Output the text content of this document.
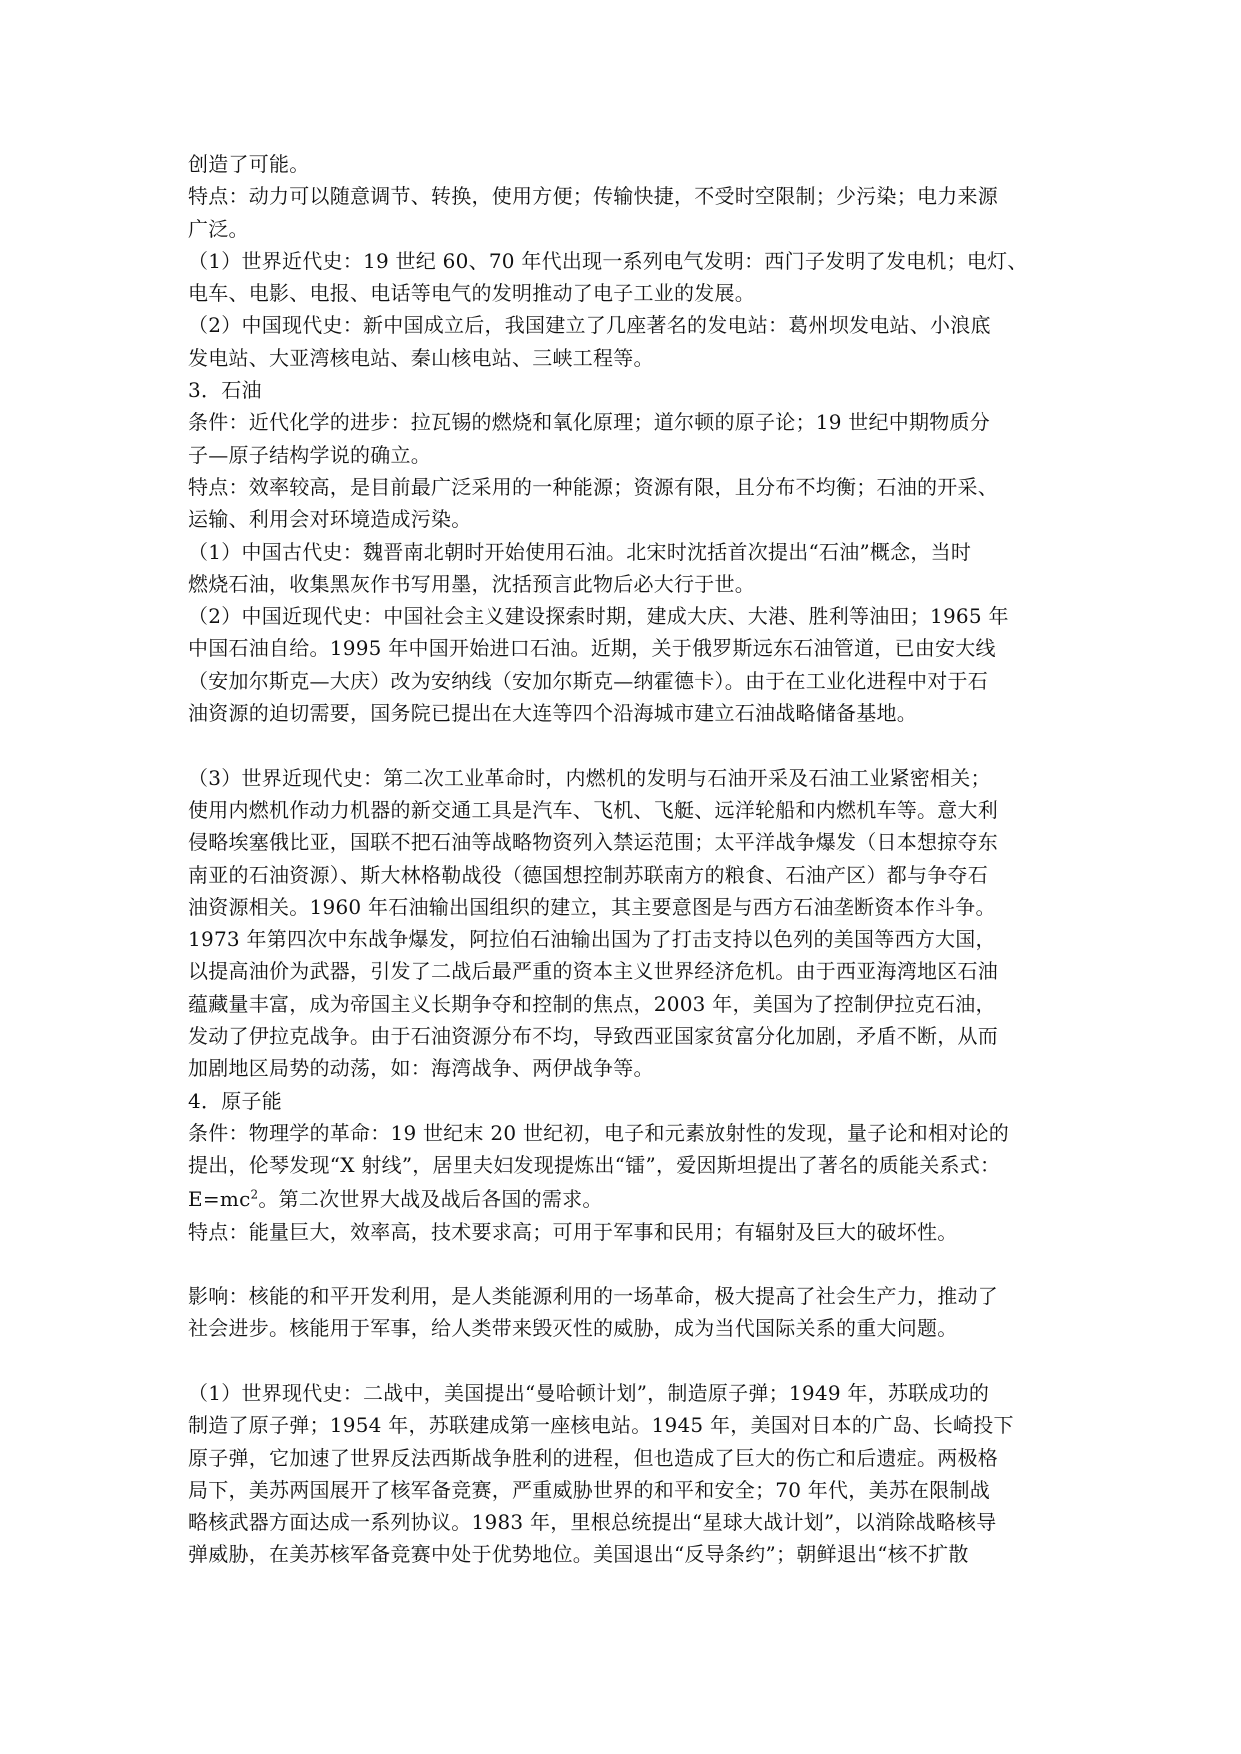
创造了可能。
特点：动力可以随意调节、转换，使用方便；传输快捷，不受时空限制；少污染；电力来源
广泛。
（1）世界近代史：19 世纪 60、70 年代出现一系列电气发明：西门子发明了发电机；电灯、
电车、电影、电报、电话等电气的发明推动了电子工业的发展。
（2）中国现代史：新中国成立后，我国建立了几座著名的发电站：葛州坝发电站、小浪底
发电站、大亚湾核电站、秦山核电站、三峡工程等。
3．石油
条件：近代化学的进步：拉瓦锡的燃烧和氧化原理；道尔顿的原子论；19 世纪中期物质分
子—原子结构学说的确立。
特点：效率较高，是目前最广泛采用的一种能源；资源有限，且分布不均衡；石油的开采、
运输、利用会对环境造成污染。
（1）中国古代史：魏晋南北朝时开始使用石油。北宋时沈括首次提出“石油”概念，当时
燃烧石油，收集黑灰作书写用墨，沈括预言此物后必大行于世。
（2）中国近现代史：中国社会主义建设探索时期，建成大庆、大港、胜利等油田；1965 年
中国石油自给。1995 年中国开始进口石油。近期，关于俄罗斯远东石油管道，已由安大线
（安加尔斯克—大庆）改为安纳线（安加尔斯克—纳霍德卡）。由于在工业化进程中对于石
油资源的迫切需要，国务院已提出在大连等四个沿海城市建立石油战略储备基地。
（3）世界近现代史：第二次工业革命时，内燃机的发明与石油开采及石油工业紧密相关；
使用内燃机作动力机器的新交通工具是汽车、飞机、飞艇、远洋轮船和内燃机车等。意大利
侵略埃塞俄比亚，国联不把石油等战略物资列入禁运范围；太平洋战争爆发（日本想掠夺东
南亚的石油资源）、斯大林格勒战役（德国想控制苏联南方的粮食、石油产区）都与争夺石
油资源相关。1960 年石油输出国组织的建立，其主要意图是与西方石油垄断资本作斗争。
1973 年第四次中东战争爆发，阿拉伯石油输出国为了打击支持以色列的美国等西方大国，
以提高油价为武器，引发了二战后最严重的资本主义世界经济危机。由于西亚海湾地区石油
蕴藏量丰富，成为帝国主义长期争夺和控制的焦点，2003 年，美国为了控制伊拉克石油，
发动了伊拉克战争。由于石油资源分布不均，导致西亚国家贫富分化加剧，矛盾不断，从而
加剧地区局势的动荡，如：海湾战争、两伊战争等。
4．原子能
条件：物理学的革命：19 世纪末 20 世纪初，电子和元素放射性的发现，量子论和相对论的
提出，伦琴发现“X 射线”，居里夫妇发现提炼出“镭”，爱因斯坦提出了著名的质能关系式：
$E=mc^2$。第二次世界大战及战后各国的需求。
特点：能量巨大，效率高，技术要求高；可用于军事和民用；有辐射及巨大的破坏性。
影响：核能的和平开发利用，是人类能源利用的一场革命，极大提高了社会生产力，推动了
社会进步。核能用于军事，给人类带来毁灭性的威胁，成为当代国际关系的重大问题。
（1）世界现代史：二战中，美国提出“曼哈顿计划”，制造原子弹；1949 年，苏联成功的
制造了原子弹；1954 年，苏联建成第一座核电站。1945 年，美国对日本的广岛、长崎投下
原子弹，它加速了世界反法西斯战争胜利的进程，但也造成了巨大的伤亡和后遗症。两极格
局下，美苏两国展开了核军备竞赛，严重威胁世界的和平和安全；70 年代，美苏在限制战
略核武器方面达成一系列协议。1983 年，里根总统提出“星球大战计划”，以消除战略核导
弹威胁，在美苏核军备竞赛中处于优势地位。美国退出“反导条约”；朝鲜退出“核不扩散
